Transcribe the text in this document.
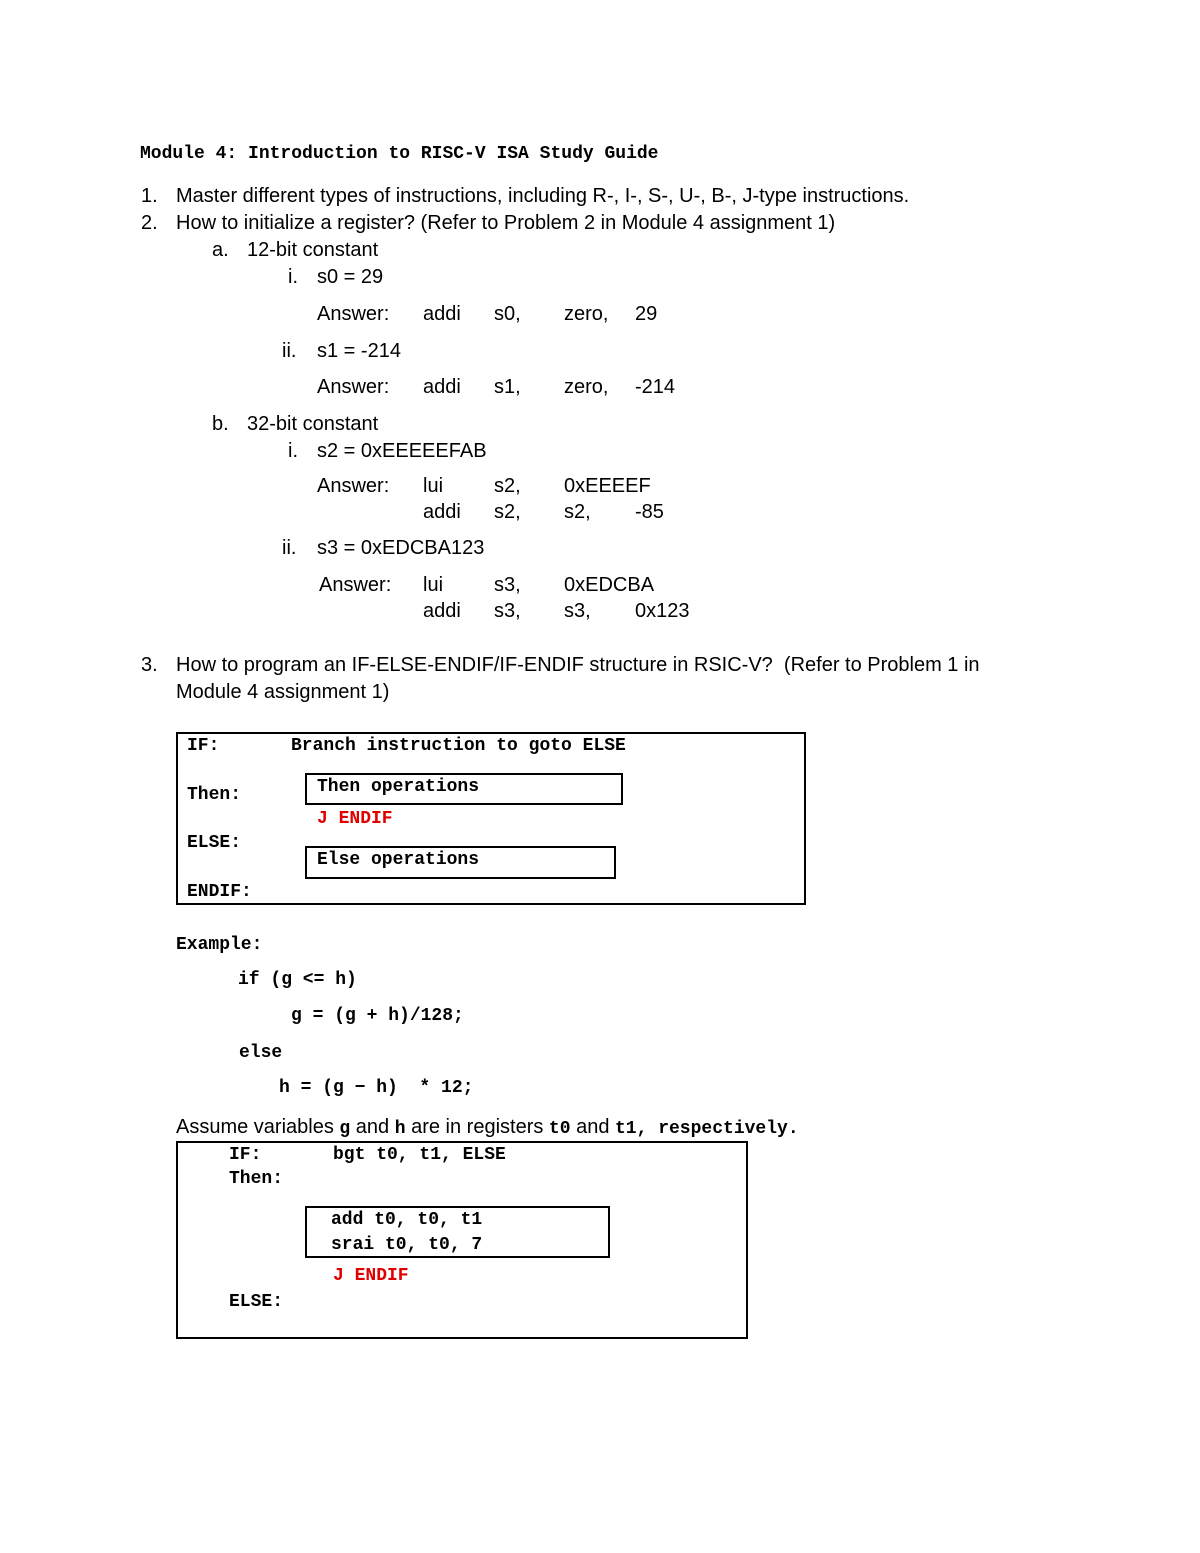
Module 4: Introduction to RISC-V ISA Study Guide
1. Master different types of instructions, including R-, I-, S-, U-, B-, J-type instructions.
2. How to initialize a register? (Refer to Problem 2 in Module 4 assignment 1)
a. 12-bit constant
i. s0 = 29
Answer: addi s0, zero, 29
ii. s1 = -214
Answer: addi s1, zero, -214
b. 32-bit constant
i. s2 = 0xEEEEEFAB
Answer: lui	s2, 0xEEEEF
addi s2, s2, -85
ii. s3 = 0xEDCBA123
Answer: lui	s3, 0xEDCBA
addi s3, s3, 0x123
3. How to program an IF-ELSE-ENDIF/IF-ENDIF structure in RSIC-V?  (Refer to Problem 1 in
Module 4 assignment 1)
IF:	Branch instruction to goto ELSE
Then:	Then operations
J ENDIF
ELSE:
Else operations
ENDIF:
Example:
if (g <= h)
g = (g + h)/128;
else
h = (g − h)  * 12;
Assume variables g and h are in registers t0 and t1, respectively.
IF:	bgt t0, t1, ELSE
Then:
add t0, t0, t1
srai t0, t0, 7
J ENDIF
ELSE:
